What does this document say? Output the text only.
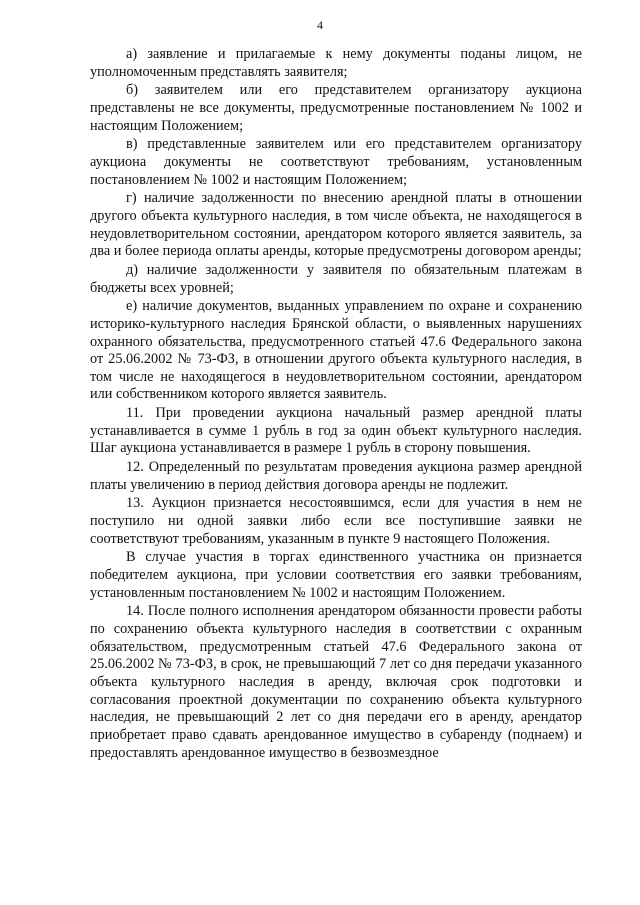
4

а) заявление и прилагаемые к нему документы поданы лицом, не уполномоченным представлять заявителя;

б) заявителем или его представителем организатору аукциона представлены не все документы, предусмотренные постановлением № 1002 и настоящим Положением;

в) представленные заявителем или его представителем организатору аукциона документы не соответствуют требованиям, установленным постановлением № 1002 и настоящим Положением;

г) наличие задолженности по внесению арендной платы в отношении другого объекта культурного наследия, в том числе объекта, не находящегося в неудовлетворительном состоянии, арендатором которого является заявитель, за два и более периода оплаты аренды, которые предусмотрены договором аренды;

д) наличие задолженности у заявителя по обязательным платежам в бюджеты всех уровней;

е) наличие документов, выданных управлением по охране и сохранению историко-культурного наследия Брянской области, о выявленных нарушениях охранного обязательства, предусмотренного статьей 47.6 Федерального закона от 25.06.2002 № 73-ФЗ, в отношении другого объекта культурного наследия, в том числе не находящегося в неудовлетворительном состоянии, арендатором или собственником которого является заявитель.

11. При проведении аукциона начальный размер арендной платы устанавливается в сумме 1 рубль в год за один объект культурного наследия. Шаг аукциона устанавливается в размере 1 рубль в сторону повышения.

12. Определенный по результатам проведения аукциона размер арендной платы увеличению в период действия договора аренды не подлежит.

13. Аукцион признается несостоявшимся, если для участия в нем не поступило ни одной заявки либо если все поступившие заявки не соответствуют требованиям, указанным в пункте 9 настоящего Положения.

В случае участия в торгах единственного участника он признается победителем аукциона, при условии соответствия его заявки требованиям, установленным постановлением № 1002 и настоящим Положением.

14. После полного исполнения арендатором обязанности провести работы по сохранению объекта культурного наследия в соответствии с охранным обязательством, предусмотренным статьей 47.6 Федерального закона от 25.06.2002 № 73-ФЗ, в срок, не превышающий 7 лет со дня передачи указанного объекта культурного наследия в аренду, включая срок подготовки и согласования проектной документации по сохранению объекта культурного наследия, не превышающий 2 лет со дня передачи его в аренду, арендатор приобретает право сдавать арендованное имущество в субаренду (поднаем) и предоставлять арендованное имущество в безвозмездное
